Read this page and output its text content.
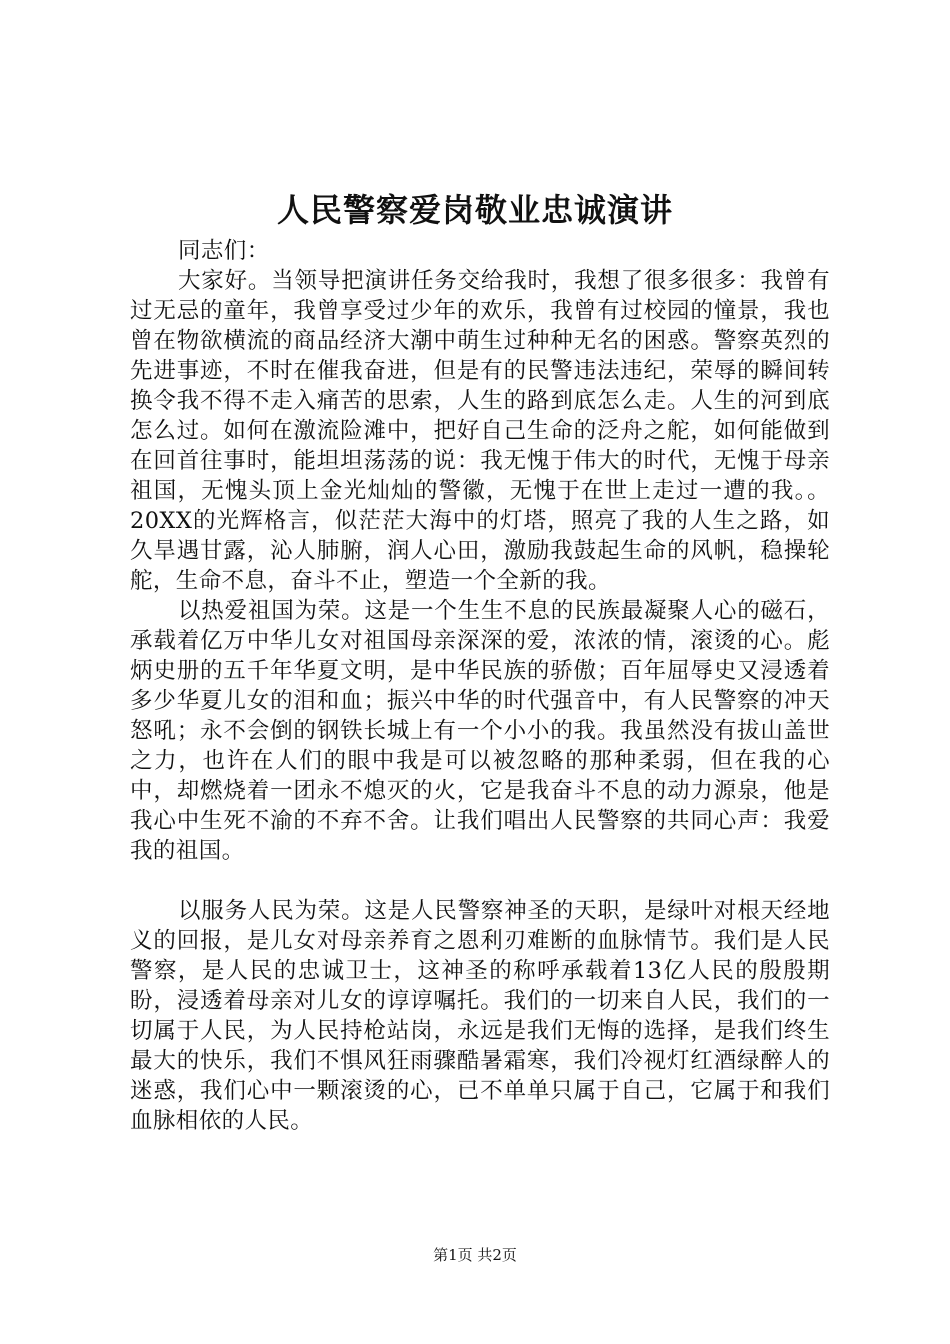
人民警察爱岗敬业忠诚演讲

同志们：

大家好。当领导把演讲任务交给我时，我想了很多很多：我曾有过无忌的童年，我曾享受过少年的欢乐，我曾有过校园的憧景，我也曾在物欲横流的商品经济大潮中萌生过种种无名的困惑。警察英烈的先进事迹，不时在催我奋进，但是有的民警违法违纪，荣辱的瞬间转换令我不得不走入痛苦的思索，人生的路到底怎么走。人生的河到底怎么过。如何在激流险滩中，把好自己生命的泛舟之舵，如何能做到在回首往事时，能坦坦荡荡的说：我无愧于伟大的时代，无愧于母亲祖国，无愧头顶上金光灿灿的警徽，无愧于在世上走过一遭的我。。20XX的光辉格言，似茫茫大海中的灯塔，照亮了我的人生之路，如久旱遇甘露，沁人肺腑，润人心田，激励我鼓起生命的风帆，稳操轮舵，生命不息，奋斗不止，塑造一个全新的我。

以热爱祖国为荣。这是一个生生不息的民族最凝聚人心的磁石，承载着亿万中华儿女对祖国母亲深深的爱，浓浓的情，滚烫的心。彪炳史册的五千年华夏文明，是中华民族的骄傲；百年屈辱史又浸透着多少华夏儿女的泪和血；振兴中华的时代强音中，有人民警察的冲天怒吼；永不会倒的钢铁长城上有一个小小的我。我虽然没有拔山盖世之力，也许在人们的眼中我是可以被忽略的那种柔弱，但在我的心中，却燃烧着一团永不熄灭的火，它是我奋斗不息的动力源泉，他是我心中生死不渝的不弃不舍。让我们唱出人民警察的共同心声：我爱我的祖国。

以服务人民为荣。这是人民警察神圣的天职，是绿叶对根天经地义的回报，是儿女对母亲养育之恩利刃难断的血脉情节。我们是人民警察，是人民的忠诚卫士，这神圣的称呼承载着13亿人民的殷殷期盼，浸透着母亲对儿女的谆谆嘱托。我们的一切来自人民，我们的一切属于人民，为人民持枪站岗，永远是我们无悔的选择，是我们终生最大的快乐，我们不惧风狂雨骤酷暑霜寒，我们冷视灯红酒绿醉人的迷惑，我们心中一颗滚烫的心，已不单单只属于自己，它属于和我们血脉相依的人民。

第1页 共2页
